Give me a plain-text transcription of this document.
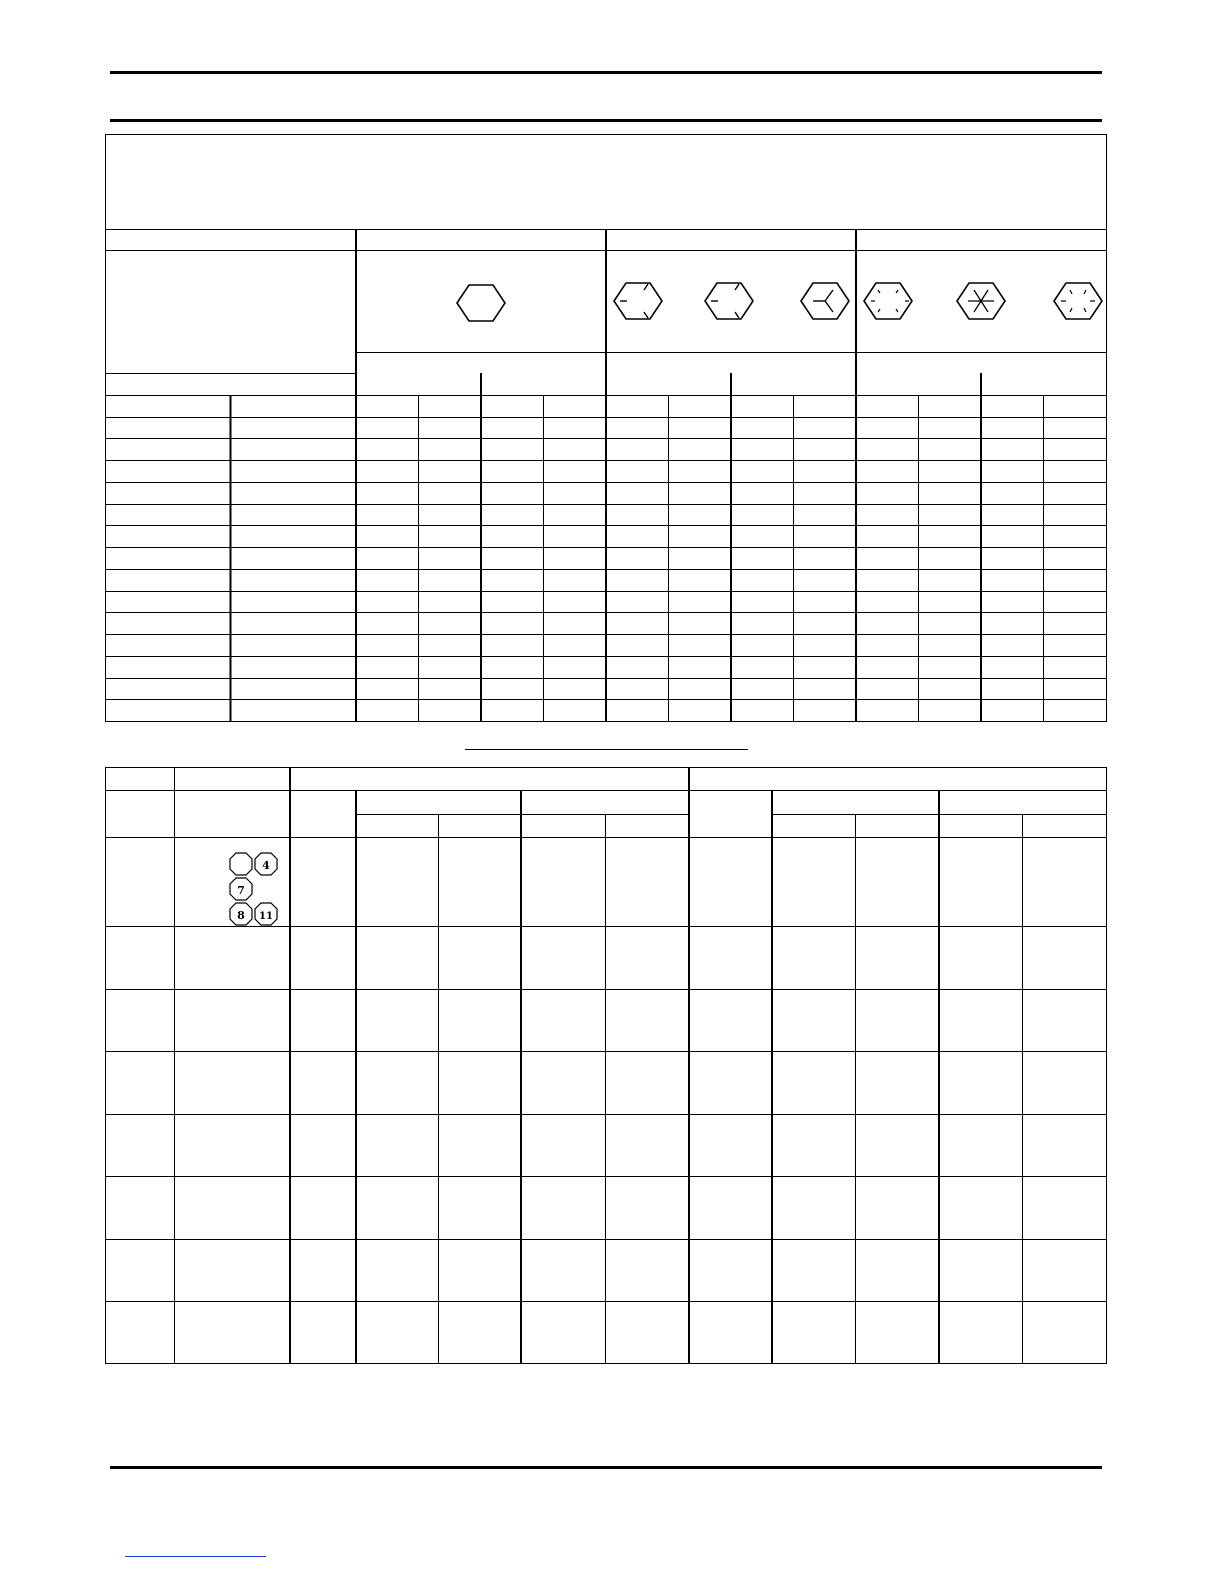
4
7
8 11
